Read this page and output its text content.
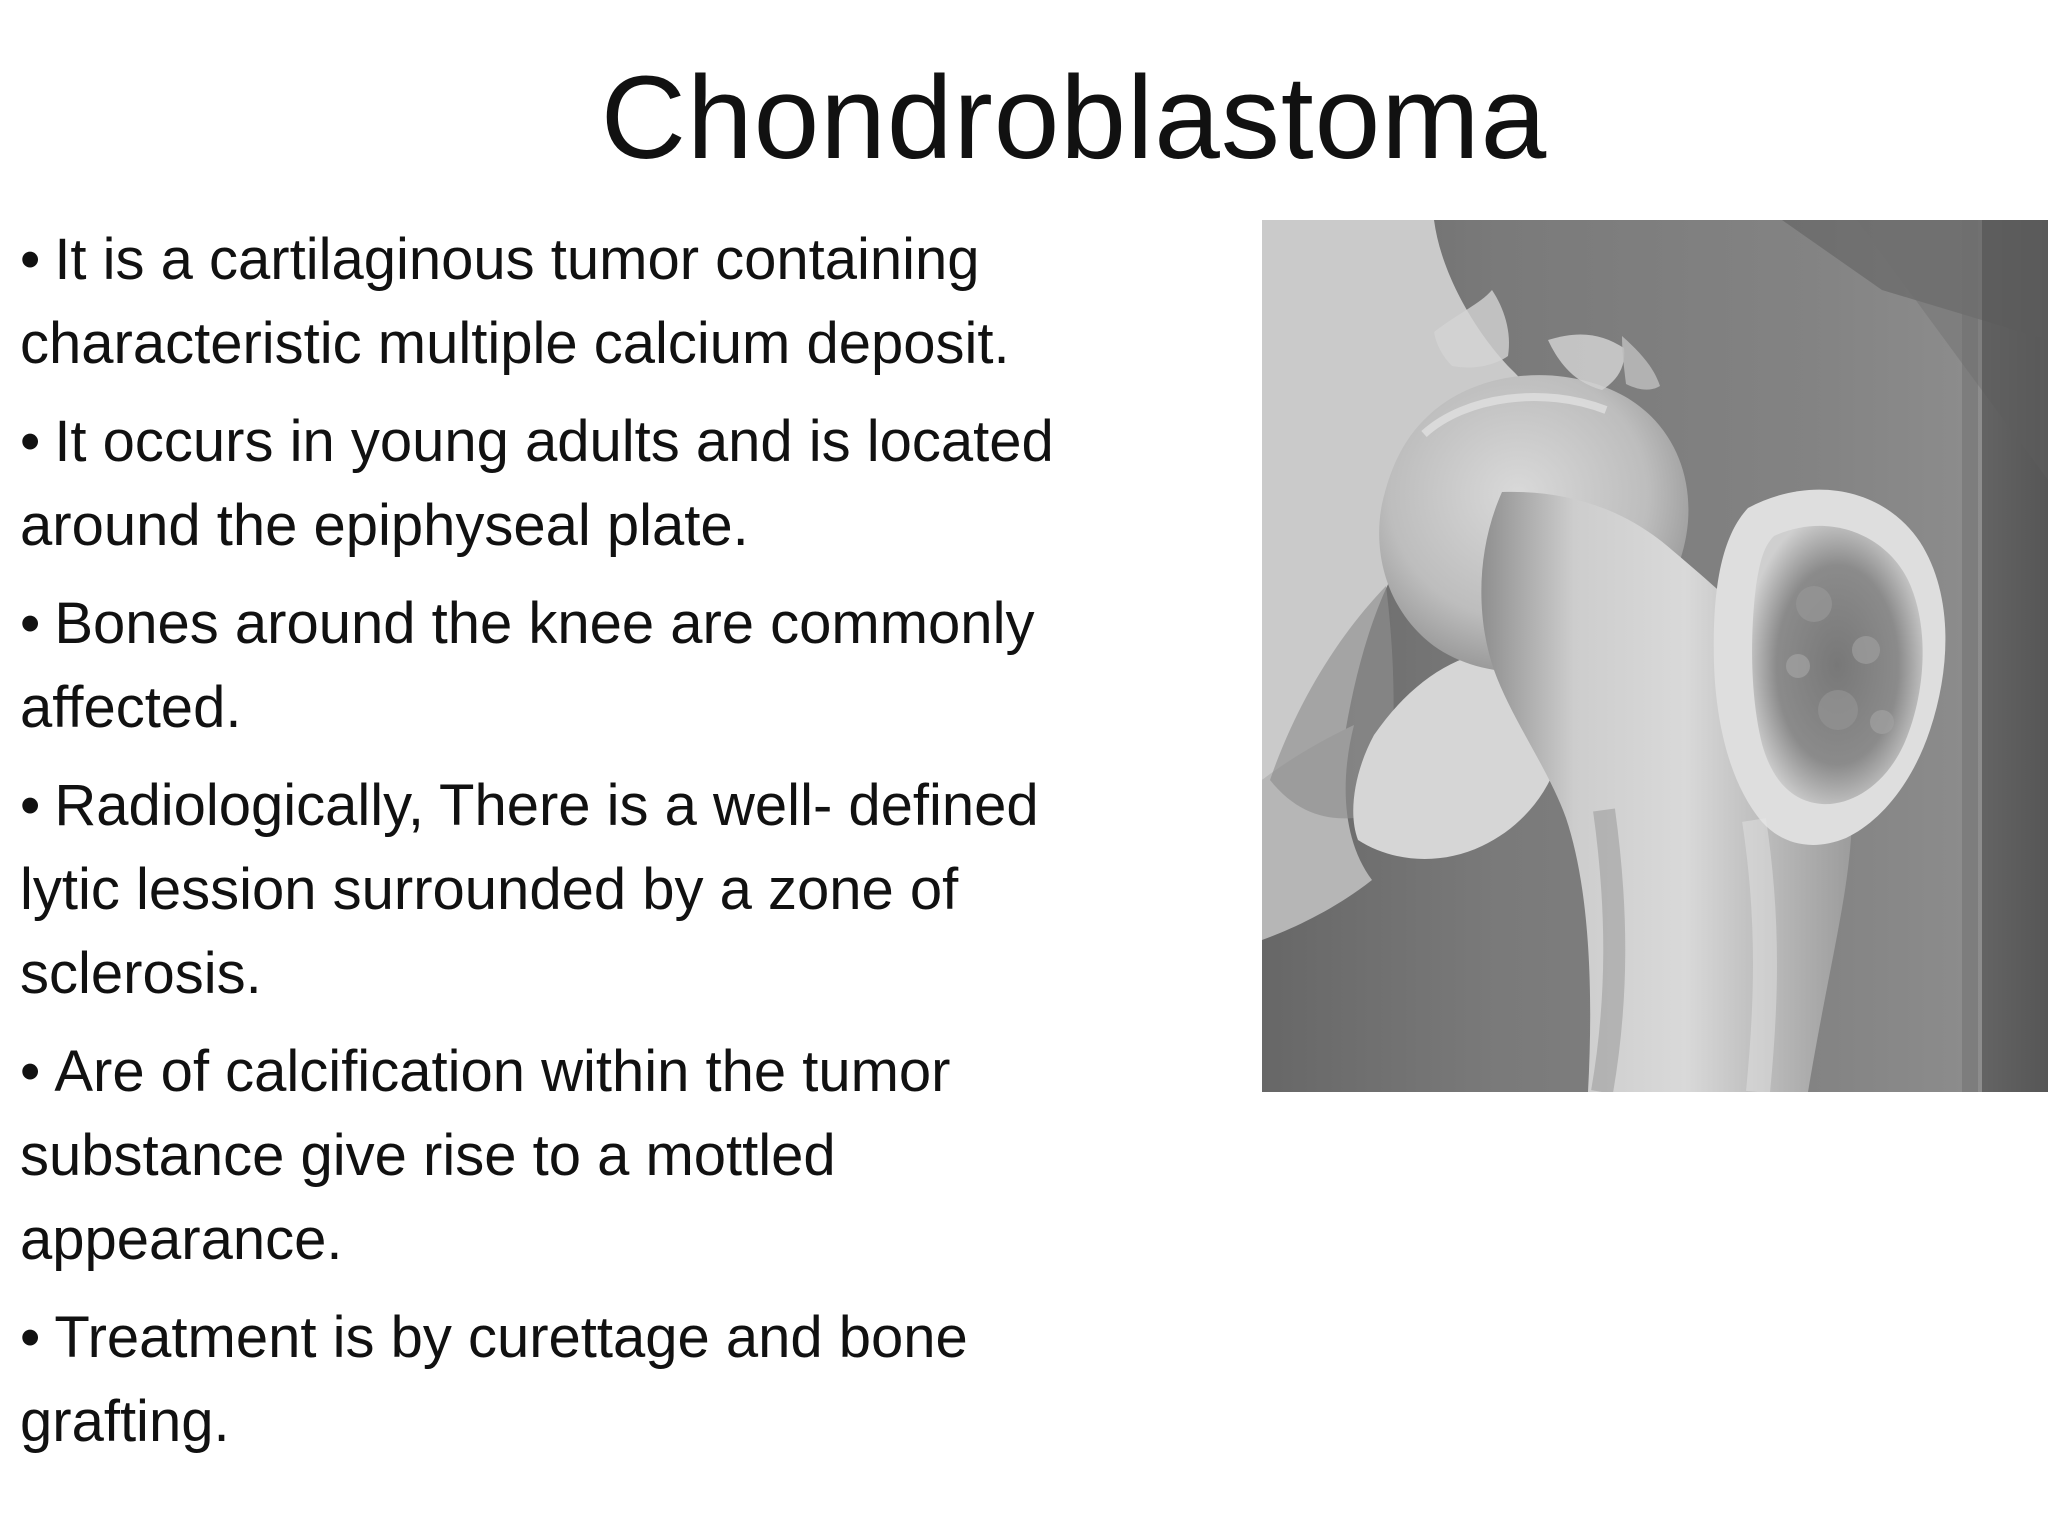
Chondroblastoma
• It is a cartilaginous tumor containing
characteristic multiple calcium deposit.
• It occurs in young adults and is located
around the epiphyseal plate.
• Bones around the knee are commonly
affected.
• Radiologically, There is a well- defined
lytic lession surrounded by a zone of
sclerosis.
• Are of calcification within the tumor
substance give rise to a mottled
appearance.
• Treatment is by curettage and bone
grafting.
